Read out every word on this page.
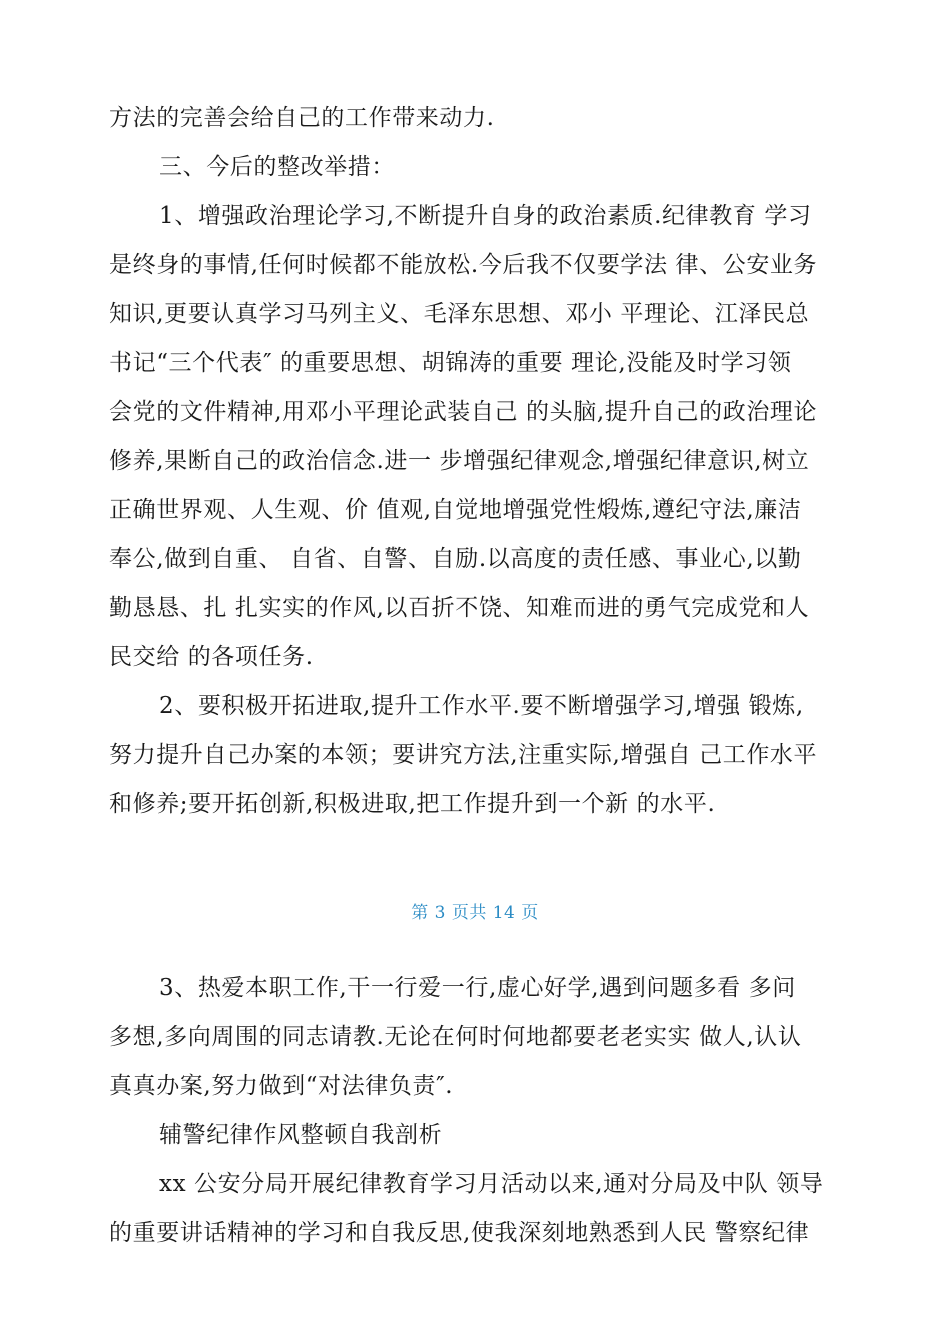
方法的完善会给自己的工作带来动力.
三、今后的整改举措：
1、增强政治理论学习,不断提升自身的政治素质.纪律教育 学习
是终身的事情,任何时候都不能放松.今后我不仅要学法 律、公安业务
知识,更要认真学习马列主义、毛泽东思想、邓小 平理论、江泽民总
书记“三个代表″ 的重要思想、胡锦涛的重要 理论,没能及时学习领
会党的文件精神,用邓小平理论武装自己 的头脑,提升自己的政治理论
修养,果断自己的政治信念.进一 步增强纪律观念,增强纪律意识,树立
正确世界观、人生观、价 值观,自觉地增强党性煅炼,遵纪守法,廉洁
奉公,做到自重、 自省、自警、自励.以高度的责任感、事业心,以勤
勤恳恳、扎 扎实实的作风,以百折不饶、知难而进的勇气完成党和人
民交给 的各项任务.
2、要积极开拓进取,提升工作水平.要不断增强学习,增强 锻炼,
努力提升自己办案的本领；要讲究方法,注重实际,增强自 己工作水平
和修养;要开拓创新,积极进取,把工作提升到一个新 的水平.
第 3 页共 14 页
3、热爱本职工作,干一行爱一行,虚心好学,遇到问题多看 多问
多想,多向周围的同志请教.无论在何时何地都要老老实实 做人,认认
真真办案,努力做到“对法律负责″.
辅警纪律作风整顿自我剖析
xx 公安分局开展纪律教育学习月活动以来,通对分局及中队 领导
的重要讲话精神的学习和自我反思,使我深刻地熟悉到人民 警察纪律
